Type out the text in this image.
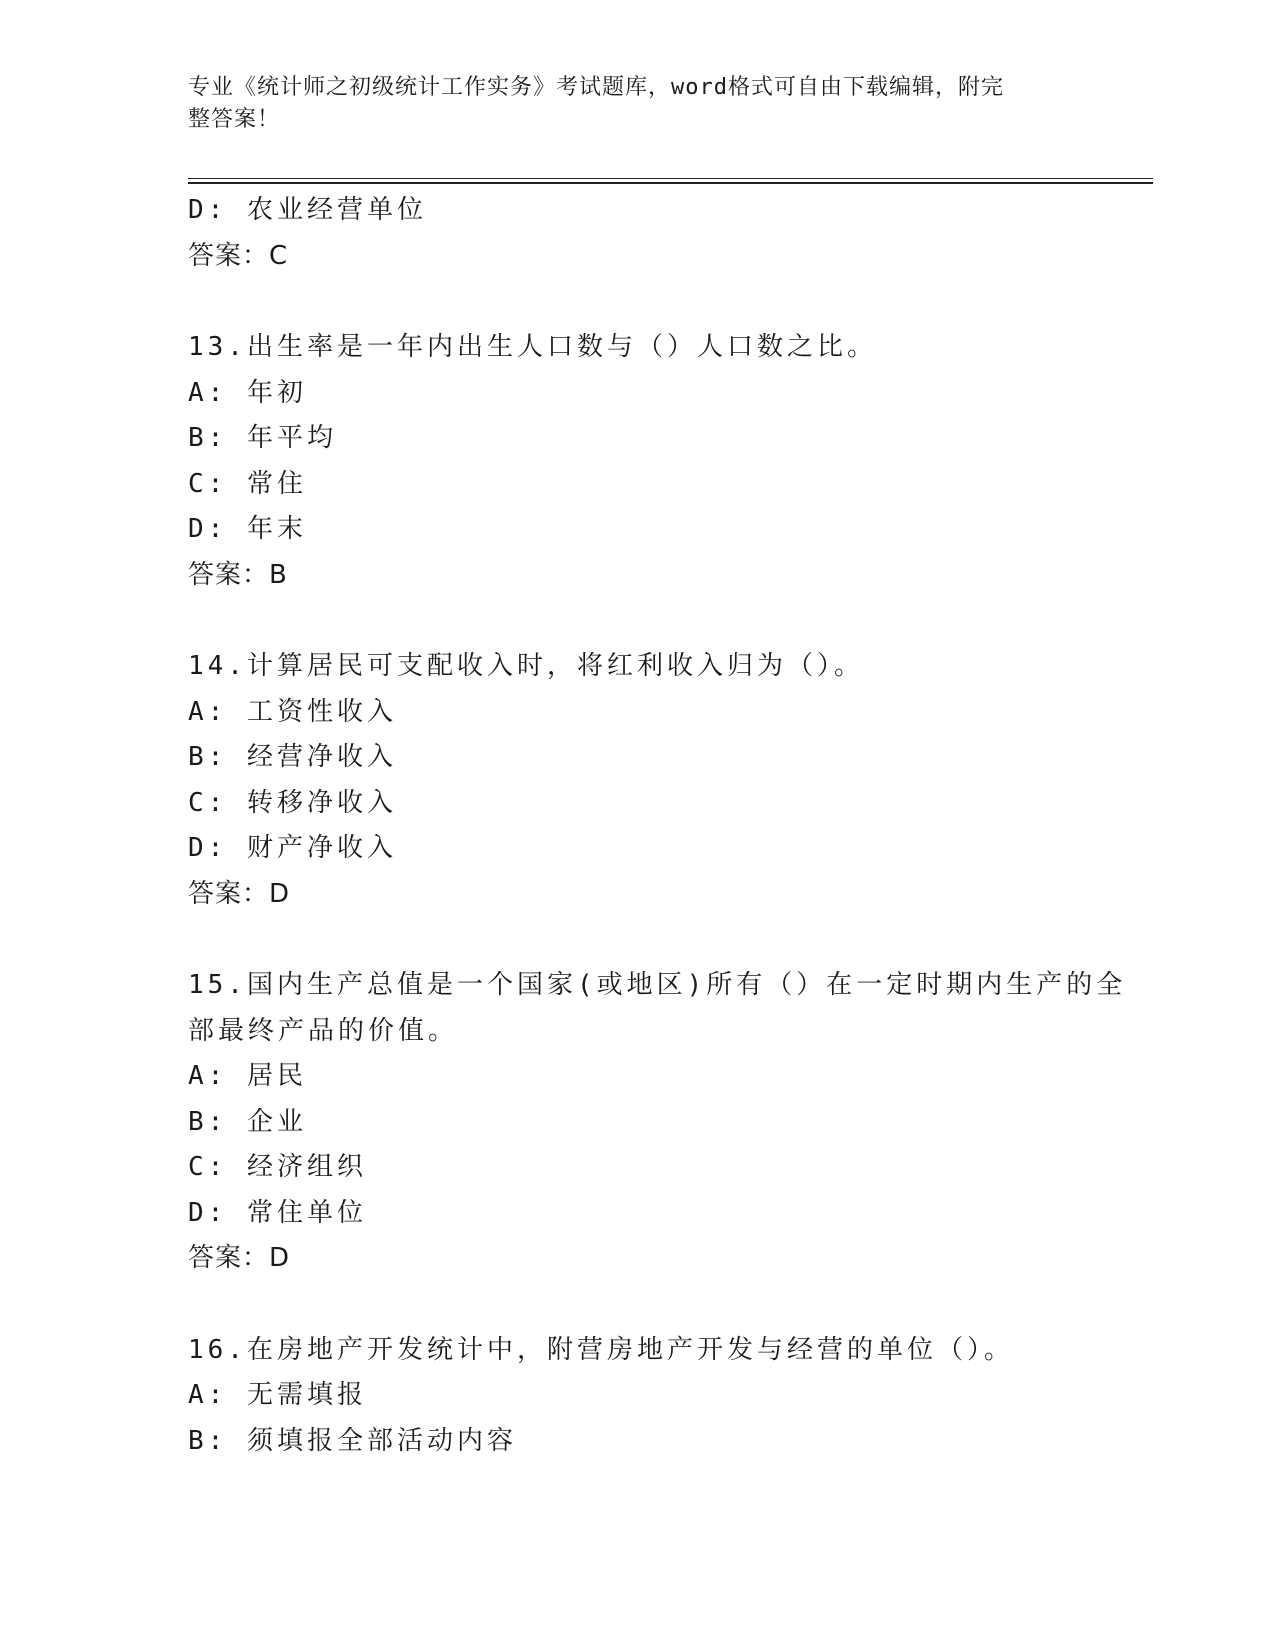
专业《统计师之初级统计工作实务》考试题库，word格式可自由下载编辑，附完
整答案！
D: 农业经营单位
答案：C
13.出生率是一年内出生人口数与（）人口数之比。
A: 年初
B: 年平均
C: 常住
D: 年末
答案：B
14.计算居民可支配收入时，将红利收入归为（）。
A: 工资性收入
B: 经营净收入
C: 转移净收入
D: 财产净收入
答案：D
15.国内生产总值是一个国家(或地区)所有（）在一定时期内生产的全
部最终产品的价值。
A: 居民
B: 企业
C: 经济组织
D: 常住单位
答案：D
16.在房地产开发统计中，附营房地产开发与经营的单位（）。
A: 无需填报
B: 须填报全部活动内容
